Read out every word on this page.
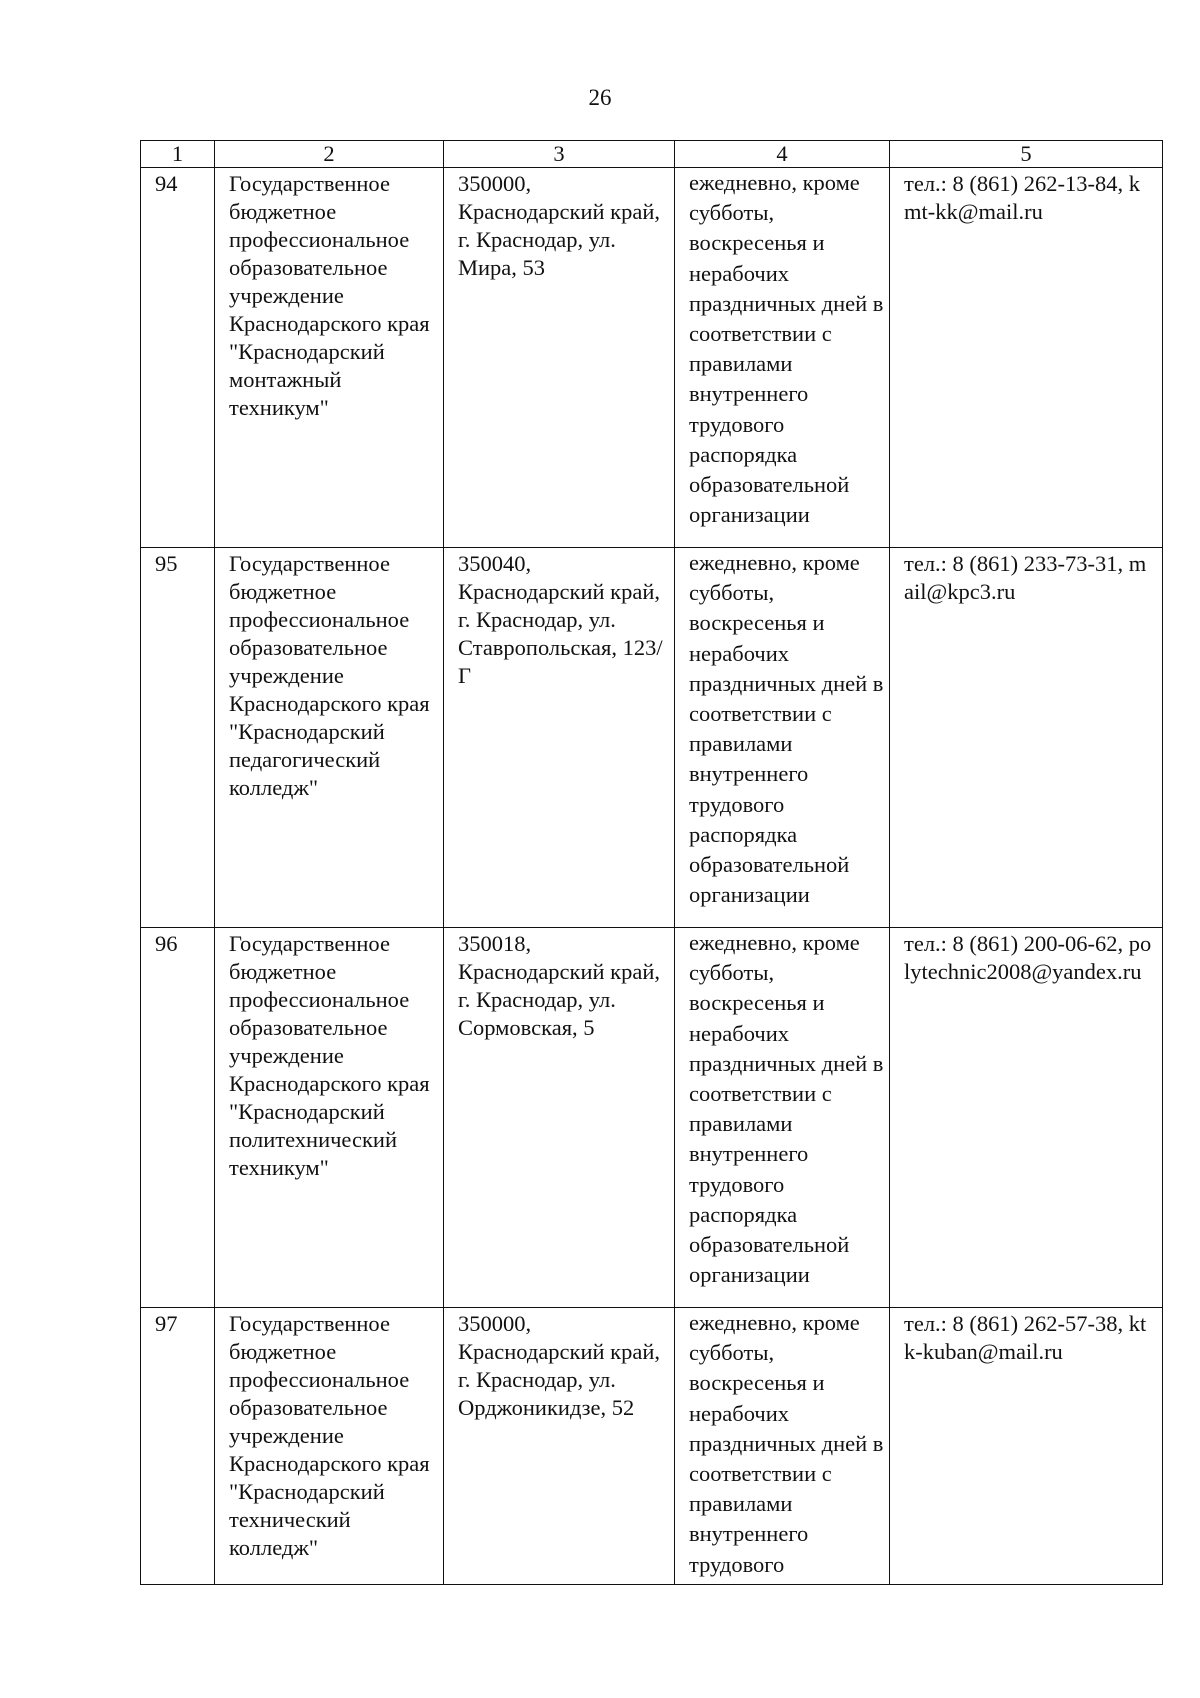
26
1	2	3	4	5
94	Государственное бюджетное профессиональное образовательное учреждение Краснодарского края "Краснодарский монтажный техникум"	350000, Краснодарский край, г. Краснодар, ул. Мира, 53	ежедневно, кроме субботы, воскресенья и нерабочих праздничных дней в соответствии с правилами внутреннего трудового распорядка образовательной организации	тел.: 8 (861) 262-13-84, kmt-kk@mail.ru
95	Государственное бюджетное профессиональное образовательное учреждение Краснодарского края "Краснодарский педагогический колледж"	350040, Краснодарский край, г. Краснодар, ул. Ставропольская, 123/Г	ежедневно, кроме субботы, воскресенья и нерабочих праздничных дней в соответствии с правилами внутреннего трудового распорядка образовательной организации	тел.: 8 (861) 233-73-31, mail@kpc3.ru
96	Государственное бюджетное профессиональное образовательное учреждение Краснодарского края "Краснодарский политехнический техникум"	350018, Краснодарский край, г. Краснодар, ул. Сормовская, 5	ежедневно, кроме субботы, воскресенья и нерабочих праздничных дней в соответствии с правилами внутреннего трудового распорядка образовательной организации	тел.: 8 (861) 200-06-62, polytechnic2008@yandex.ru
97	Государственное бюджетное профессиональное образовательное учреждение Краснодарского края "Краснодарский технический колледж"	350000, Краснодарский край, г. Краснодар, ул. Орджоникидзе, 52	ежедневно, кроме субботы, воскресенья и нерабочих праздничных дней в соответствии с правилами внутреннего трудового	тел.: 8 (861) 262-57-38, ktk-kuban@mail.ru
